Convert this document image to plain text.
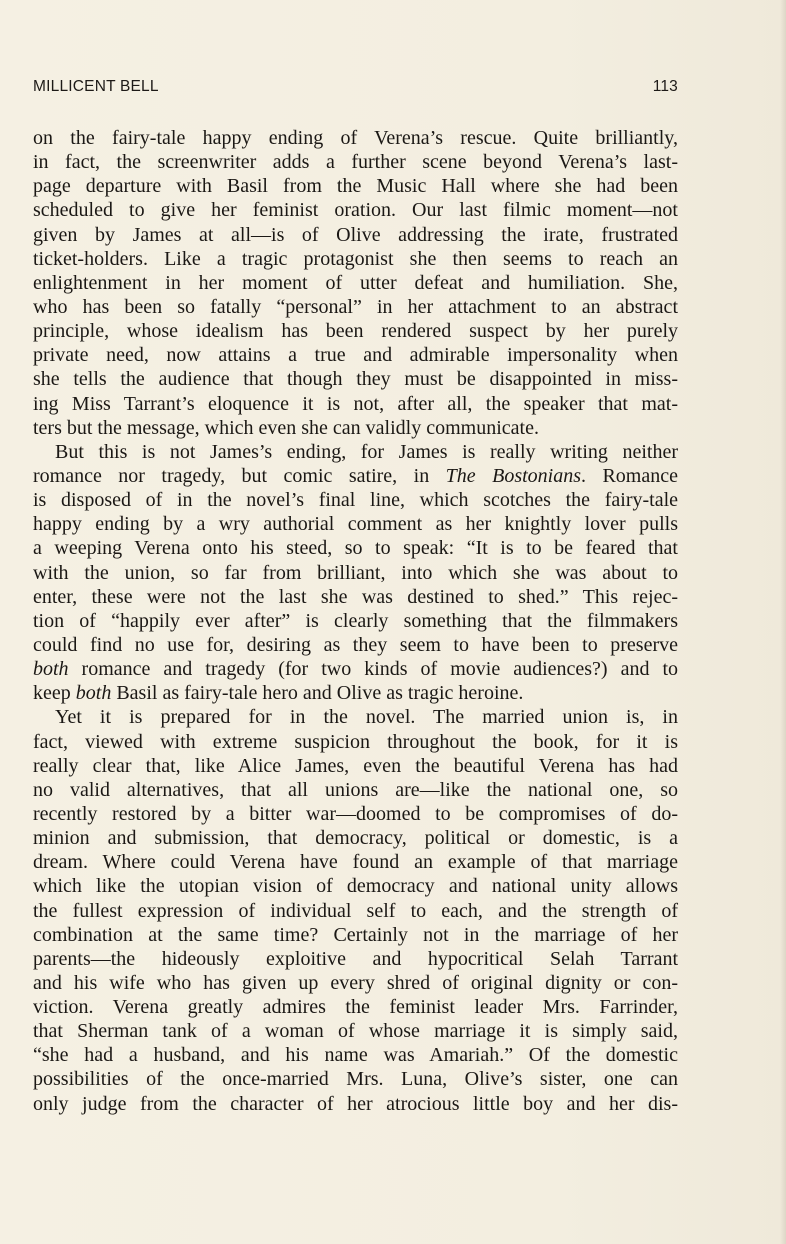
MILLICENT BELL	113
on the fairy-tale happy ending of Verena’s rescue. Quite brilliantly,
in fact, the screenwriter adds a further scene beyond Verena’s last-
page departure with Basil from the Music Hall where she had been
scheduled to give her feminist oration. Our last filmic moment—not
given by James at all—is of Olive addressing the irate, frustrated
ticket-holders. Like a tragic protagonist she then seems to reach an
enlightenment in her moment of utter defeat and humiliation. She,
who has been so fatally “personal” in her attachment to an abstract
principle, whose idealism has been rendered suspect by her purely
private need, now attains a true and admirable impersonality when
she tells the audience that though they must be disappointed in miss-
ing Miss Tarrant’s eloquence it is not, after all, the speaker that mat-
ters but the message, which even she can validly communicate.
But this is not James’s ending, for James is really writing neither
romance nor tragedy, but comic satire, in The Bostonians. Romance
is disposed of in the novel’s final line, which scotches the fairy-tale
happy ending by a wry authorial comment as her knightly lover pulls
a weeping Verena onto his steed, so to speak: “It is to be feared that
with the union, so far from brilliant, into which she was about to
enter, these were not the last she was destined to shed.” This rejec-
tion of “happily ever after” is clearly something that the filmmakers
could find no use for, desiring as they seem to have been to preserve
both romance and tragedy (for two kinds of movie audiences?) and to
keep both Basil as fairy-tale hero and Olive as tragic heroine.
Yet it is prepared for in the novel. The married union is, in
fact, viewed with extreme suspicion throughout the book, for it is
really clear that, like Alice James, even the beautiful Verena has had
no valid alternatives, that all unions are—like the national one, so
recently restored by a bitter war—doomed to be compromises of do-
minion and submission, that democracy, political or domestic, is a
dream. Where could Verena have found an example of that marriage
which like the utopian vision of democracy and national unity allows
the fullest expression of individual self to each, and the strength of
combination at the same time? Certainly not in the marriage of her
parents—the hideously exploitive and hypocritical Selah Tarrant
and his wife who has given up every shred of original dignity or con-
viction. Verena greatly admires the feminist leader Mrs. Farrinder,
that Sherman tank of a woman of whose marriage it is simply said,
“she had a husband, and his name was Amariah.” Of the domestic
possibilities of the once-married Mrs. Luna, Olive’s sister, one can
only judge from the character of her atrocious little boy and her dis-
